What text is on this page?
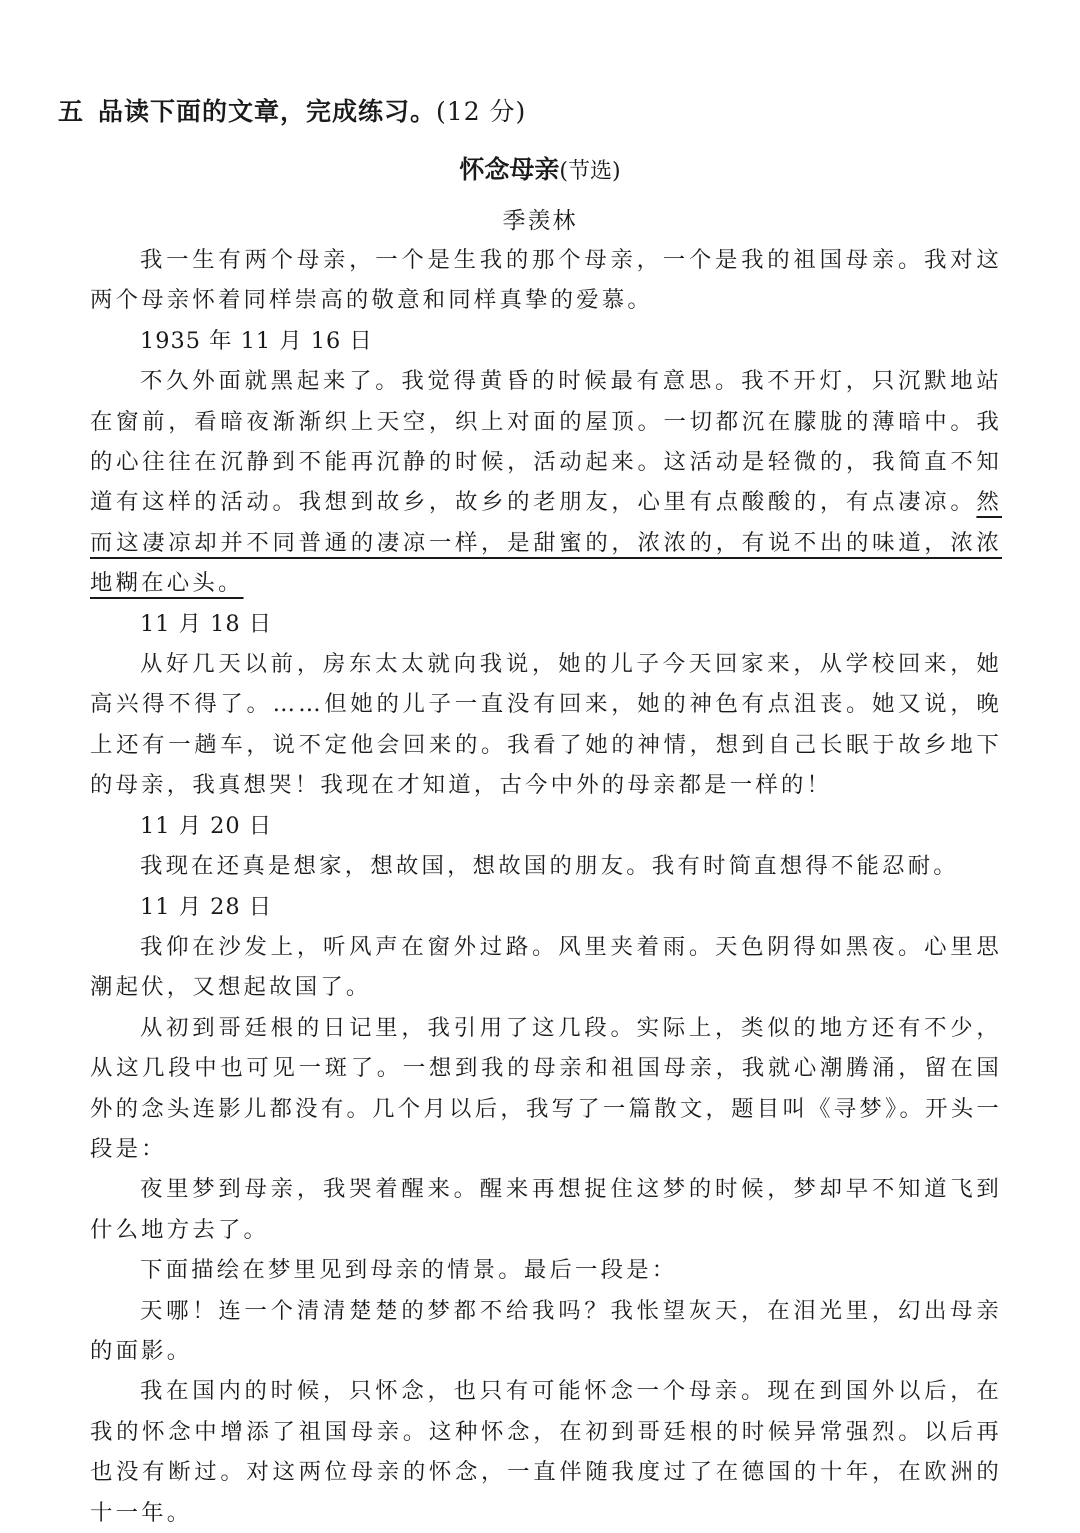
五 品读下面的文章，完成练习。(12 分)
怀念母亲(节选)
季羡林

我一生有两个母亲，一个是生我的那个母亲，一个是我的祖国母亲。我对这两个母亲怀着同样崇高的敬意和同样真挚的爱慕。

1935 年 11 月 16 日

不久外面就黑起来了。我觉得黄昏的时候最有意思。我不开灯，只沉默地站在窗前，看暗夜渐渐织上天空，织上对面的屋顶。一切都沉在朦胧的薄暗中。我的心往往在沉静到不能再沉静的时候，活动起来。这活动是轻微的，我简直不知道有这样的活动。我想到故乡，故乡的老朋友，心里有点酸酸的，有点凄凉。然而这凄凉却并不同普通的凄凉一样，是甜蜜的，浓浓的，有说不出的味道，浓浓地糊在心头。

11 月 18 日

从好几天以前，房东太太就向我说，她的儿子今天回家来，从学校回来，她高兴得不得了。……但她的儿子一直没有回来，她的神色有点沮丧。她又说，晚上还有一趟车，说不定他会回来的。我看了她的神情，想到自己长眠于故乡地下的母亲，我真想哭！我现在才知道，古今中外的母亲都是一样的！

11 月 20 日

我现在还真是想家，想故国，想故国的朋友。我有时简直想得不能忍耐。

11 月 28 日

我仰在沙发上，听风声在窗外过路。风里夹着雨。天色阴得如黑夜。心里思潮起伏，又想起故国了。

从初到哥廷根的日记里，我引用了这几段。实际上，类似的地方还有不少，从这几段中也可见一斑了。一想到我的母亲和祖国母亲，我就心潮腾涌，留在国外的念头连影儿都没有。几个月以后，我写了一篇散文，题目叫《寻梦》。开头一段是：

夜里梦到母亲，我哭着醒来。醒来再想捉住这梦的时候，梦却早不知道飞到什么地方去了。

下面描绘在梦里见到母亲的情景。最后一段是：

天哪！连一个清清楚楚的梦都不给我吗？我怅望灰天，在泪光里，幻出母亲的面影。

我在国内的时候，只怀念，也只有可能怀念一个母亲。现在到国外以后，在我的怀念中增添了祖国母亲。这种怀念，在初到哥廷根的时候异常强烈。以后再也没有断过。对这两位母亲的怀念，一直伴随我度过了在德国的十年，在欧洲的十一年。
